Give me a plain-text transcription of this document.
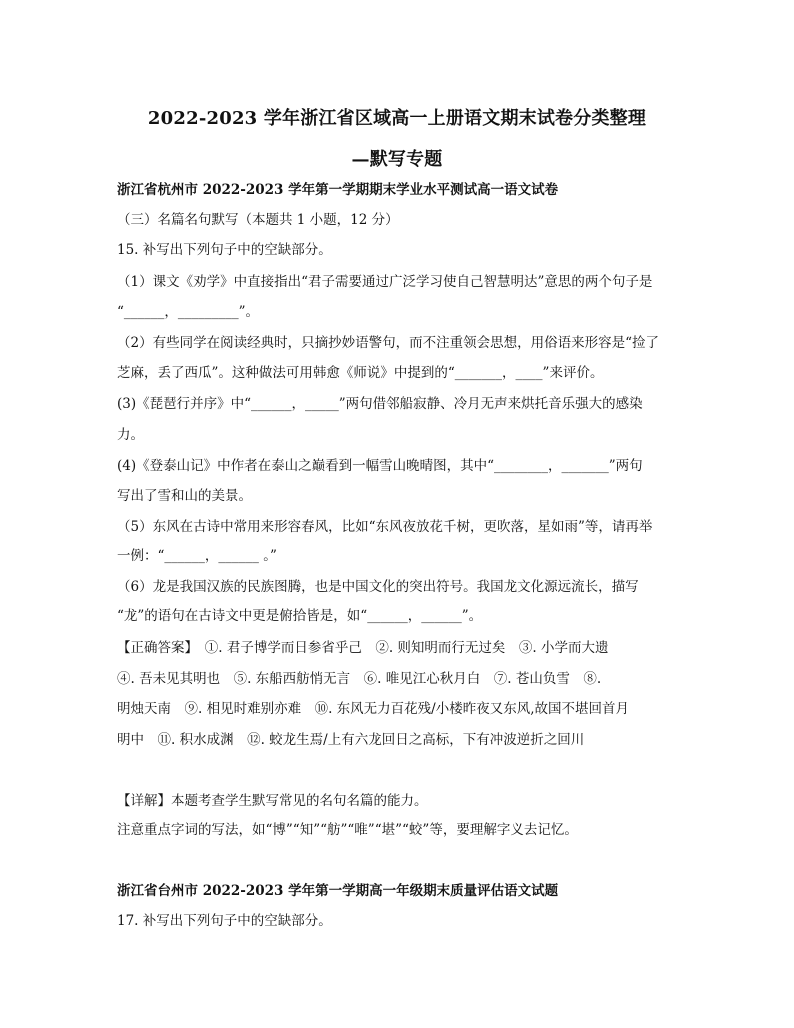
2022-2023 学年浙江省区域高一上册语文期末试卷分类整理
—默写专题
浙江省杭州市 2022-2023 学年第一学期期末学业水平测试高一语文试卷
（三）名篇名句默写（本题共 1 小题，12 分）
15. 补写出下列句子中的空缺部分。
（1）课文《劝学》中直接指出“君子需要通过广泛学习使自己智慧明达”意思的两个句子是
“______，_________”。
（2）有些同学在阅读经典时，只摘抄妙语警句，而不注重领会思想，用俗语来形容是“捡了
芝麻，丢了西瓜”。这种做法可用韩愈《师说》中提到的“_______，____”来评价。
(3)《琵琶行并序》中“______，_____”两句借邻船寂静、冷月无声来烘托音乐强大的感染
力。
(4)《登泰山记》中作者在泰山之巅看到一幅雪山晚晴图，其中“________，_______”两句
写出了雪和山的美景。
（5）东风在古诗中常用来形容春风，比如“东风夜放花千树，更吹落，星如雨”等，请再举
一例：“______，______ 。”
（6）龙是我国汉族的民族图腾，也是中国文化的突出符号。我国龙文化源远流长，描写
“龙”的语句在古诗文中更是俯拾皆是，如“______，______”。
【正确答案】　①. 君子博学而日参省乎己　②. 则知明而行无过矣　③. 小学而大遗
④. 吾未见其明也　⑤. 东船西舫悄无言　⑥. 唯见江心秋月白　⑦. 苍山负雪　⑧.
明烛天南　⑨. 相见时难别亦难　⑩. 东风无力百花残/小楼昨夜又东风,故国不堪回首月
明中　⑪. 积水成渊　⑫. 蛟龙生焉/上有六龙回日之高标，下有冲波逆折之回川
【详解】本题考查学生默写常见的名句名篇的能力。
注意重点字词的写法，如“博”“知”“舫”“唯”“堪”“蛟”等，要理解字义去记忆。
浙江省台州市 2022-2023 学年第一学期高一年级期末质量评估语文试题
17. 补写出下列句子中的空缺部分。
